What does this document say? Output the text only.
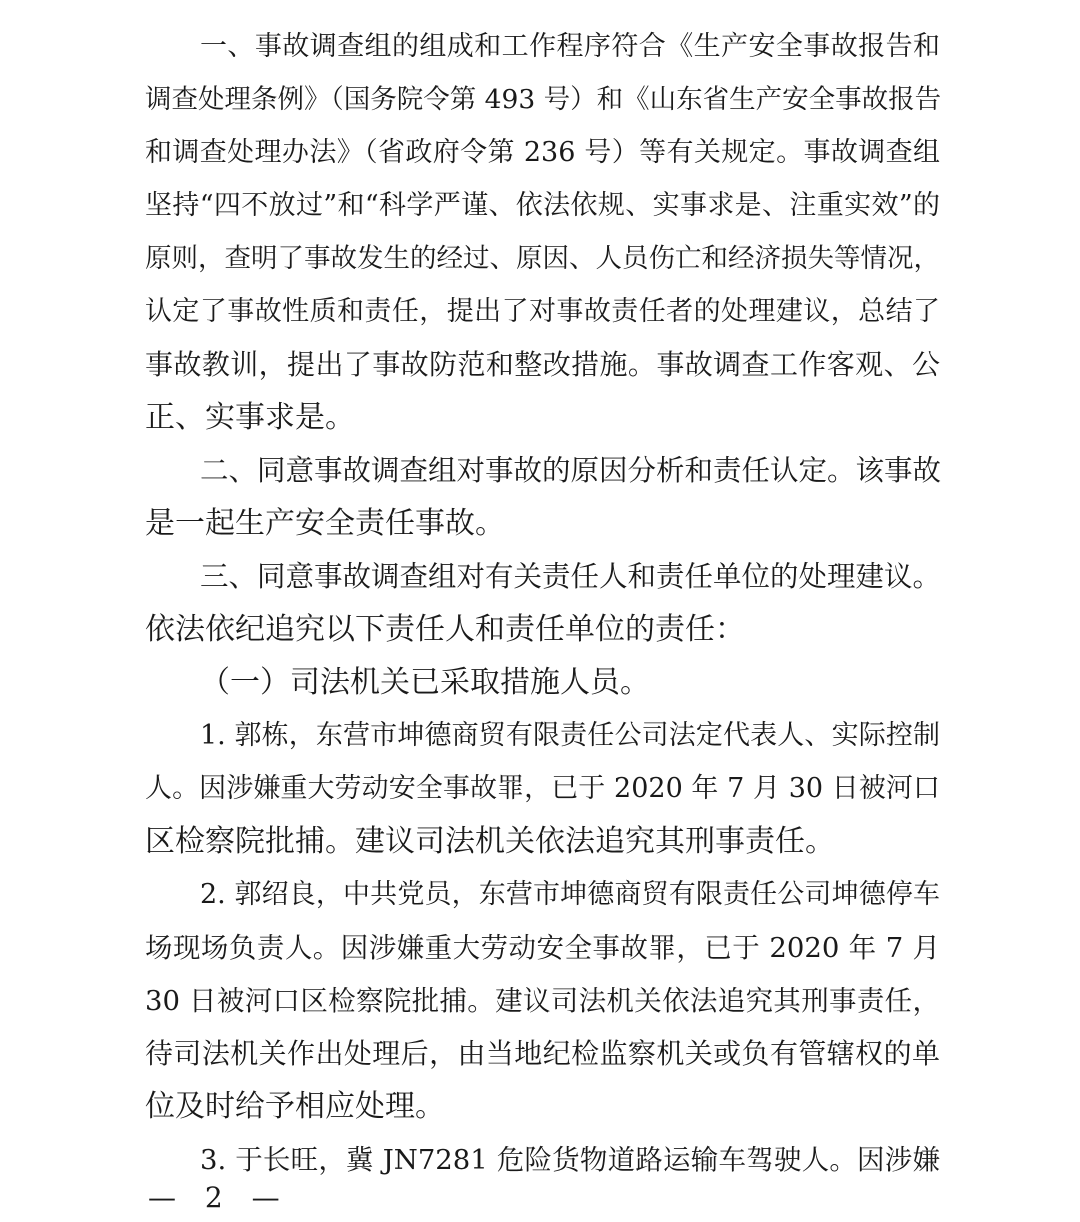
一、事故调查组的组成和工作程序符合《生产安全事故报告和
调查处理条例》（国务院令第 493 号）和《山东省生产安全事故报告
和调查处理办法》（省政府令第 236 号）等有关规定。事故调查组
坚持“四不放过”和“科学严谨、依法依规、实事求是、注重实效”的
原则，查明了事故发生的经过、原因、人员伤亡和经济损失等情况，
认定了事故性质和责任，提出了对事故责任者的处理建议，总结了
事故教训，提出了事故防范和整改措施。事故调查工作客观、公
正、实事求是。
二、同意事故调查组对事故的原因分析和责任认定。该事故
是一起生产安全责任事故。
三、同意事故调查组对有关责任人和责任单位的处理建议。
依法依纪追究以下责任人和责任单位的责任：
（一）司法机关已采取措施人员。
1. 郭栋，东营市坤德商贸有限责任公司法定代表人、实际控制
人。因涉嫌重大劳动安全事故罪，已于 2020 年 7 月 30 日被河口
区检察院批捕。建议司法机关依法追究其刑事责任。
2. 郭绍良，中共党员，东营市坤德商贸有限责任公司坤德停车
场现场负责人。因涉嫌重大劳动安全事故罪，已于 2020 年 7 月
30 日被河口区检察院批捕。建议司法机关依法追究其刑事责任，
待司法机关作出处理后，由当地纪检监察机关或负有管辖权的单
位及时给予相应处理。
3. 于长旺，冀 JN7281 危险货物道路运输车驾驶人。因涉嫌
— 2 —
